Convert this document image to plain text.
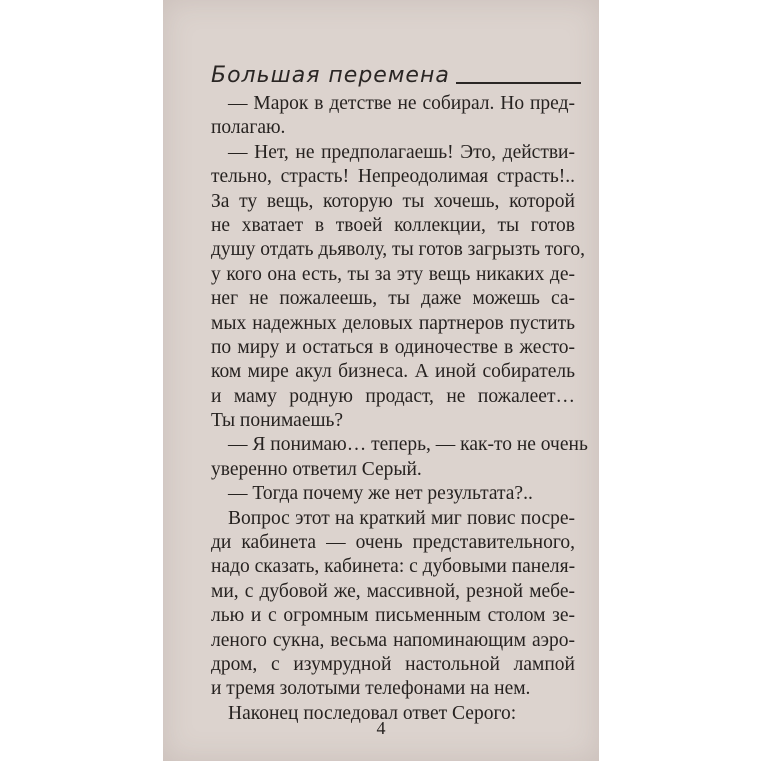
Большая перемена
— Марок в детстве не собирал. Но пред-
полагаю.
— Нет, не предполагаешь! Это, действи-
тельно, страсть! Непреодолимая страсть!..
За ту вещь, которую ты хочешь, которой
не хватает в твоей коллекции, ты готов
душу отдать дьяволу, ты готов загрызть того,
у кого она есть, ты за эту вещь никаких де-
нег не пожалеешь, ты даже можешь са-
мых надежных деловых партнеров пустить
по миру и остаться в одиночестве в жесто-
ком мире акул бизнеса. А иной собиратель
и маму родную продаст, не пожалеет…
Ты понимаешь?
— Я понимаю… теперь, — как-то не очень
уверенно ответил Серый.
— Тогда почему же нет результата?..
Вопрос этот на краткий миг повис посре-
ди кабинета — очень представительного,
надо сказать, кабинета: с дубовыми панеля-
ми, с дубовой же, массивной, резной мебе-
лью и с огромным письменным столом зе-
леного сукна, весьма напоминающим аэро-
дром, с изумрудной настольной лампой
и тремя золотыми телефонами на нем.
Наконец последовал ответ Серого:
4
